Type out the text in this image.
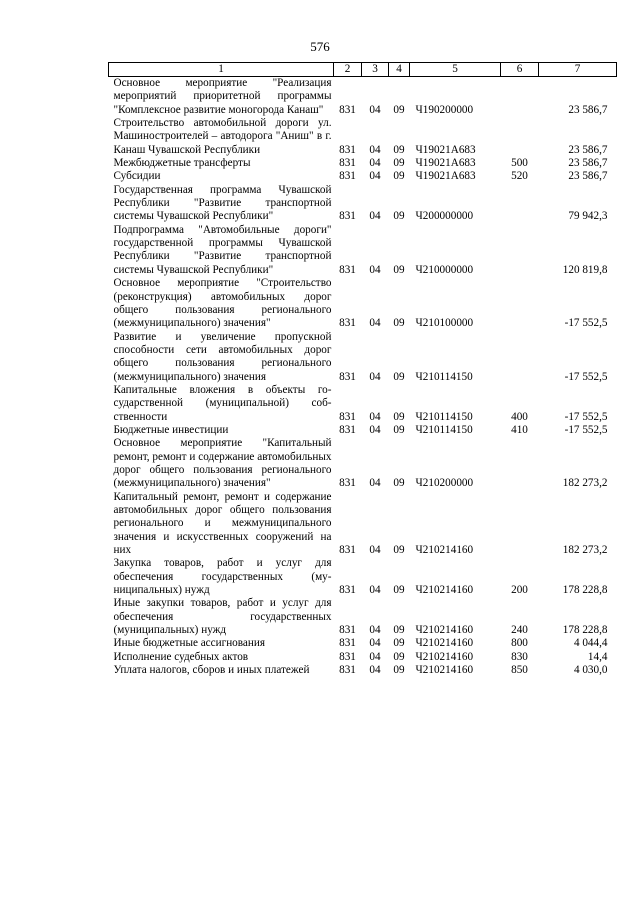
576
1	2	3	4	5	6	7
Основное мероприятие "Реализация мероприятий приоритетной программы "Комплексное развитие моногорода Канаш"	831	04	09	Ч190200000		23 586,7
Строительство автомобильной дороги ул. Машиностроителей – автодорога "Аниш" в г. Канаш Чувашской Республики	831	04	09	Ч19021А683		23 586,7
Межбюджетные трансферты	831	04	09	Ч19021А683	500	23 586,7
Субсидии	831	04	09	Ч19021А683	520	23 586,7
Государственная программа Чувашской Республики "Развитие транспортной системы Чувашской Республики"	831	04	09	Ч200000000		79 942,3
Подпрограмма "Автомобильные дороги" государственной программы Чувашской Республики "Развитие транспортной системы Чувашской Республики"	831	04	09	Ч210000000		120 819,8
Основное мероприятие "Строительство (реконструкция) автомобильных дорог общего пользования регионального (межмуниципального) значения"	831	04	09	Ч210100000		-17 552,5
Развитие и увеличение пропускной способности сети автомобильных дорог общего пользования регионального (межмуниципального) значения	831	04	09	Ч210114150		-17 552,5
Капитальные вложения в объекты государственной (муниципальной) собственности	831	04	09	Ч210114150	400	-17 552,5
Бюджетные инвестиции	831	04	09	Ч210114150	410	-17 552,5
Основное мероприятие "Капитальный ремонт, ремонт и содержание автомобильных дорог общего пользования регионального (межмуниципального) значения"	831	04	09	Ч210200000		182 273,2
Капитальный ремонт, ремонт и содержание автомобильных дорог общего пользования регионального и межмуниципального значения и искусственных сооружений на них	831	04	09	Ч210214160		182 273,2
Закупка товаров, работ и услуг для обеспечения государственных (муниципальных) нужд	831	04	09	Ч210214160	200	178 228,8
Иные закупки товаров, работ и услуг для обеспечения государственных (муниципальных) нужд	831	04	09	Ч210214160	240	178 228,8
Иные бюджетные ассигнования	831	04	09	Ч210214160	800	4 044,4
Исполнение судебных актов	831	04	09	Ч210214160	830	14,4
Уплата налогов, сборов и иных платежей	831	04	09	Ч210214160	850	4 030,0
